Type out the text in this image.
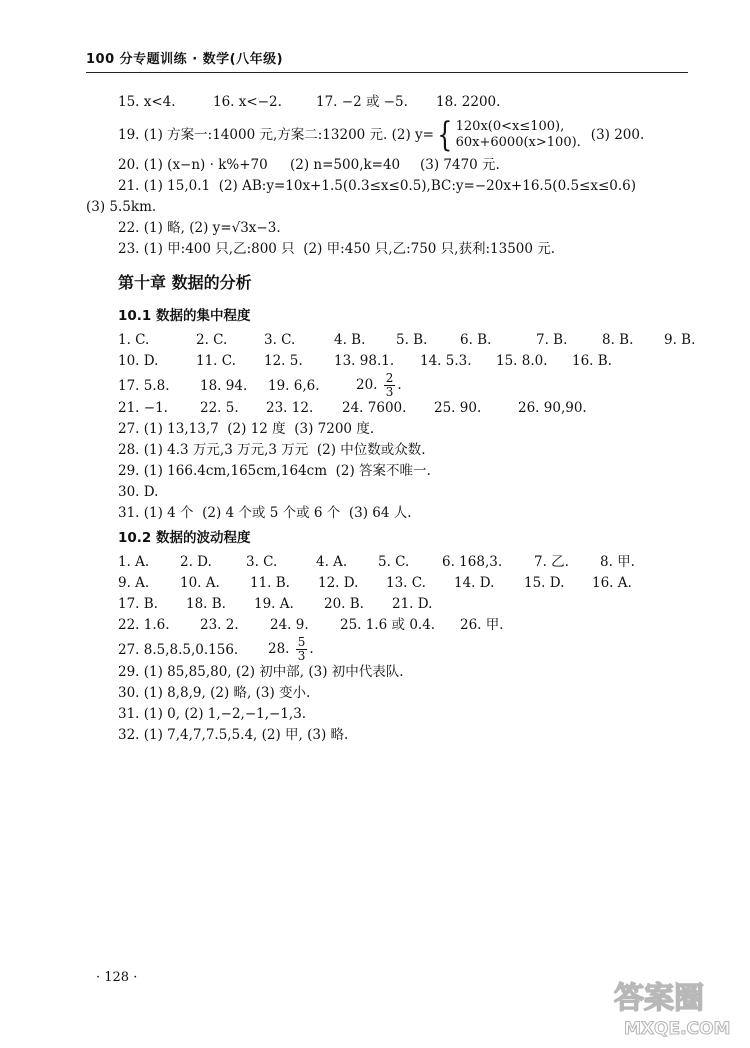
100 分专题训练 · 数学(八年级)
15. x<4.	16. x<−2.	17. −2 或 −5. 18. 2200.
19. (1) 方案一:14000 元,方案二:13200 元. (2) y={ 120x(0<x≤100),
60x+6000(x>100). (3) 200.
20. (1) (x−n) · k%+70 (2) n=500,k=40 (3) 7470 元.
21. (1) 15,0.1  (2) AB:y=10x+1.5(0.3≤x≤0.5),BC:y=−20x+16.5(0.5≤x≤0.6)
(3) 5.5km.
22. (1) 略, (2) y=√3x−3.
23. (1) 甲:400 只,乙:800 只  (2) 甲:450 只,乙:750 只,获利:13500 元.
第十章 数据的分析
10.1 数据的集中程度
1. C.	2. C.	3. C.	4. B. 5. B. 6. B.	7. B.	8. B. 9. B.
10. D.	11. C. 12. 5. 13. 98.1. 14. 5.3. 15. 8.0. 16. B.
17. 5.8. 18. 94. 19. 6,6.	20. $\frac{2}{3}$ .
21. −1. 22. 5. 23. 12. 24. 7600. 25. 90.	26. 90,90.
27. (1) 13,13,7  (2) 12 度  (3) 7200 度.
28. (1) 4.3 万元,3 万元,3 万元  (2) 中位数或众数.
29. (1) 166.4cm,165cm,164cm  (2) 答案不唯一.
30. D.
31. (1) 4 个  (2) 4 个或 5 个或 6 个  (3) 64 人.
10.2 数据的波动程度
1. A. 2. D.	3. C.	4. A. 5. C. 6. 168,3. 7. 乙. 8. 甲.
9. A. 10. A. 11. B. 12. D. 13. C. 14. D. 15. D. 16. A.
17. B. 18. B. 19. A. 20. B. 21. D.
22. 1.6. 23. 2. 24. 9. 25. 1.6 或 0.4. 26. 甲.
27. 8.5,8.5,0.156. 28. $\frac{5}{3}$ .
29. (1) 85,85,80, (2) 初中部, (3) 初中代表队.
30. (1) 8,8,9, (2) 略, (3) 变小.
31. (1) 0, (2) 1,−2,−1,−1,3.
32. (1) 7,4,7,7.5,5.4, (2) 甲, (3) 略.
· 128 ·
答案圈
MXQE.COM
